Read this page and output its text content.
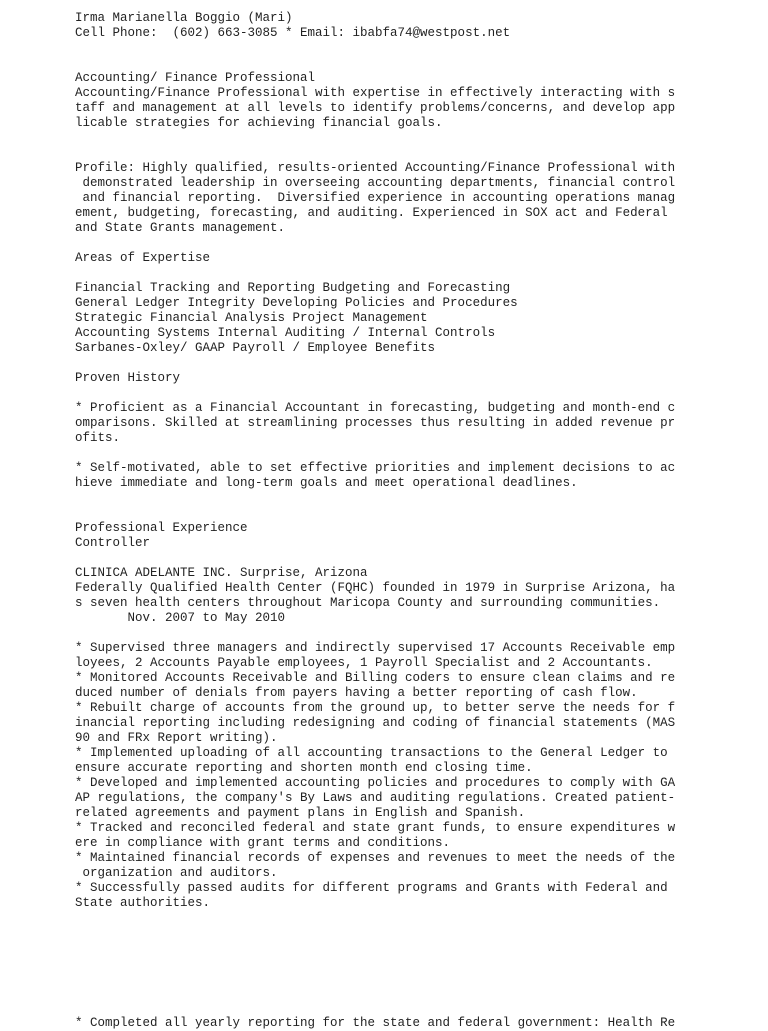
Irma Marianella Boggio (Mari)
Cell Phone:  (602) 663-3085 * Email: ibabfa74@westpost.net
Accounting/ Finance Professional
Accounting/Finance Professional with expertise in effectively interacting with s
taff and management at all levels to identify problems/concerns, and develop app
licable strategies for achieving financial goals.
Profile: Highly qualified, results-oriented Accounting/Finance Professional with
demonstrated leadership in overseeing accounting departments, financial control
and financial reporting.  Diversified experience in accounting operations manag
ement, budgeting, forecasting, and auditing. Experienced in SOX act and Federal
and State Grants management.
Areas of Expertise
Financial Tracking and Reporting Budgeting and Forecasting
General Ledger Integrity Developing Policies and Procedures
Strategic Financial Analysis Project Management
Accounting Systems Internal Auditing / Internal Controls
Sarbanes-Oxley/ GAAP Payroll / Employee Benefits
Proven History
* Proficient as a Financial Accountant in forecasting, budgeting and month-end c
omparisons. Skilled at streamlining processes thus resulting in added revenue pr
ofits.
* Self-motivated, able to set effective priorities and implement decisions to ac
hieve immediate and long-term goals and meet operational deadlines.
Professional Experience
Controller
CLINICA ADELANTE INC. Surprise, Arizona
Federally Qualified Health Center (FQHC) founded in 1979 in Surprise Arizona, ha
s seven health centers throughout Maricopa County and surrounding communities.
Nov. 2007 to May 2010
* Supervised three managers and indirectly supervised 17 Accounts Receivable emp
loyees, 2 Accounts Payable employees, 1 Payroll Specialist and 2 Accountants.
* Monitored Accounts Receivable and Billing coders to ensure clean claims and re
duced number of denials from payers having a better reporting of cash flow.
* Rebuilt charge of accounts from the ground up, to better serve the needs for f
inancial reporting including redesigning and coding of financial statements (MAS
90 and FRx Report writing).
* Implemented uploading of all accounting transactions to the General Ledger to
ensure accurate reporting and shorten month end closing time.
* Developed and implemented accounting policies and procedures to comply with GA
AP regulations, the company's By Laws and auditing regulations. Created patient-
related agreements and payment plans in English and Spanish.
* Tracked and reconciled federal and state grant funds, to ensure expenditures w
ere in compliance with grant terms and conditions.
* Maintained financial records of expenses and revenues to meet the needs of the
organization and auditors.
* Successfully passed audits for different programs and Grants with Federal and
State authorities.
* Completed all yearly reporting for the state and federal government: Health Re
